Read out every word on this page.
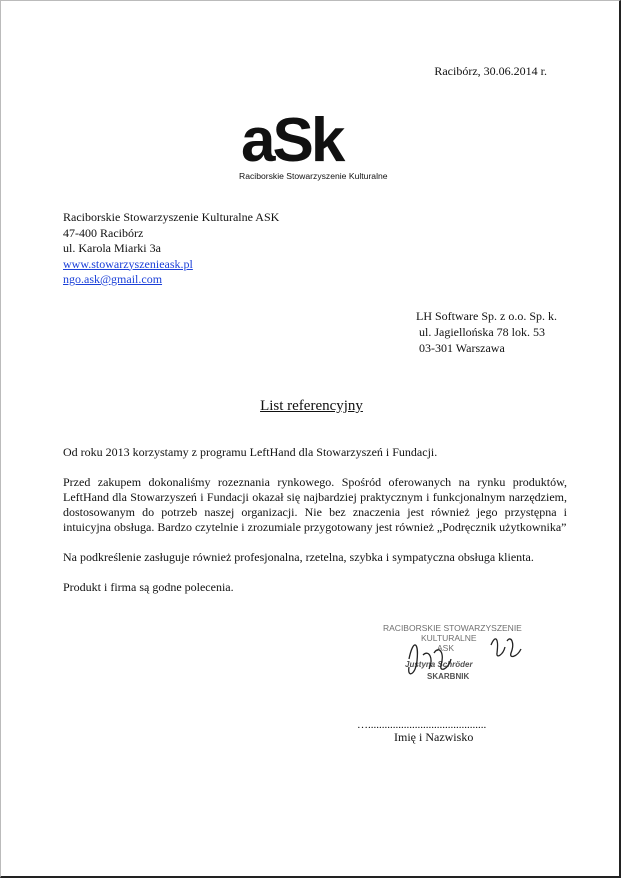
Racibórz, 30.06.2014 r.
aSk
Raciborskie Stowarzyszenie Kulturalne
Raciborskie Stowarzyszenie Kulturalne ASK
47-400 Racibórz
ul. Karola Miarki 3a
www.stowarzyszenieask.pl
ngo.ask@gmail.com
LH Software Sp. z o.o. Sp. k.
ul. Jagiellońska 78 lok. 53
03-301 Warszawa
List referencyjny

Od roku 2013 korzystamy z programu LeftHand dla Stowarzyszeń i Fundacji.

Przed zakupem dokonaliśmy rozeznania rynkowego. Spośród oferowanych na rynku produktów, LeftHand dla Stowarzyszeń i Fundacji okazał się najbardziej praktycznym i funkcjonalnym narzędziem, dostosowanym do potrzeb naszej organizacji. Nie bez znaczenia jest również jego przystępna i intuicyjna obsługa. Bardzo czytelnie i zrozumiale przygotowany jest również „Podręcznik użytkownika”

Na podkreślenie zasługuje również profesjonalna, rzetelna, szybka i sympatyczna obsługa klienta.

Produkt i firma są godne polecenia.

RACIBORSKIE STOWARZYSZENIE
KULTURALNE
ASK
Justyna Schröder
SKARBNIK
…...........................................
Imię i Nazwisko
